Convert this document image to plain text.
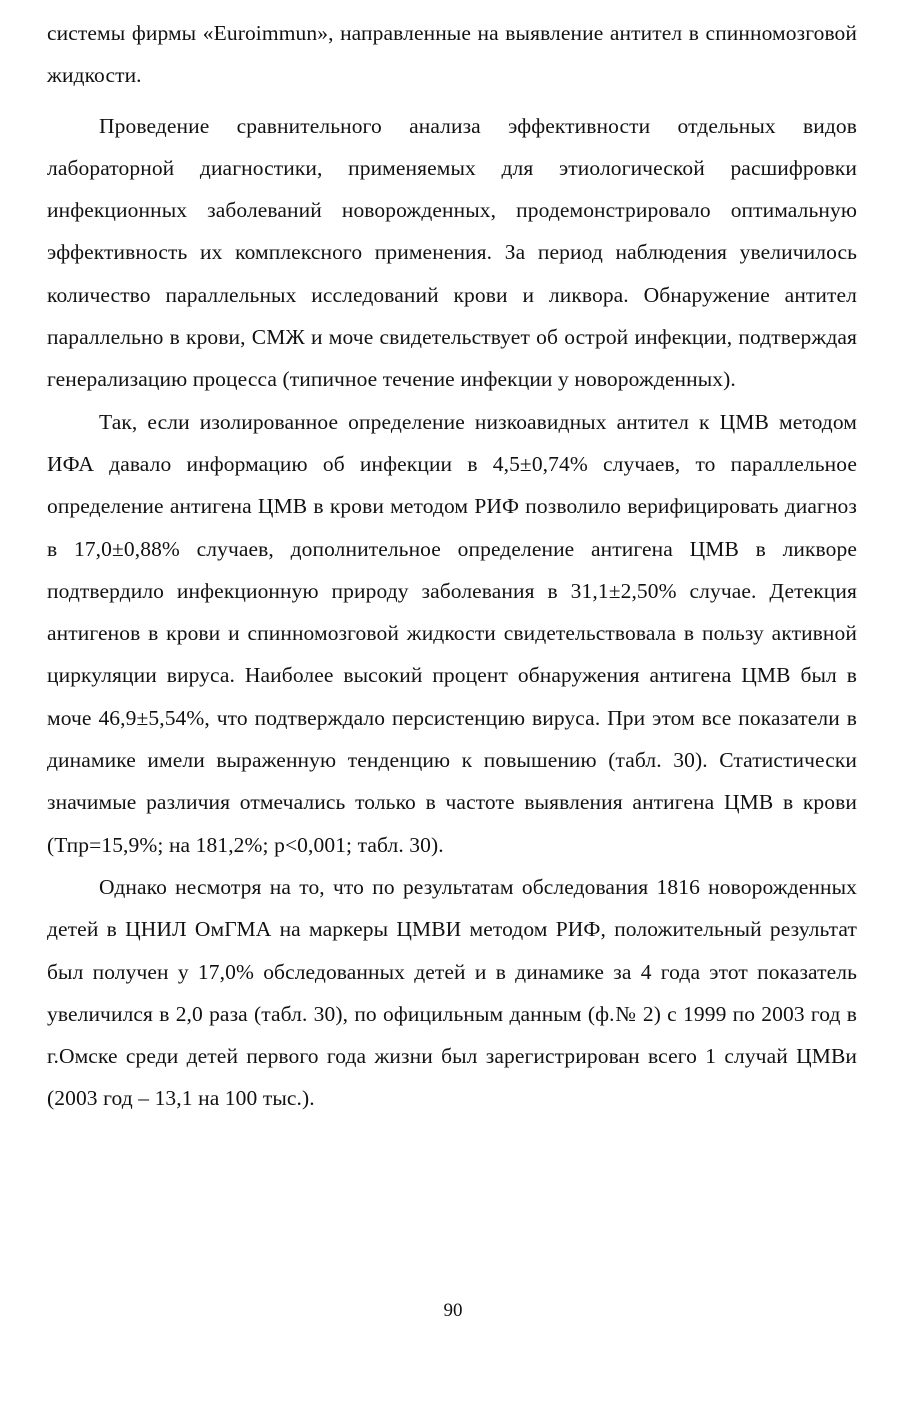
системы фирмы «Euroimmun», направленные на выявление антител в спинномозговой жидкости.

Проведение сравнительного анализа эффективности отдельных видов лабораторной диагностики, применяемых для этиологической расшифровки инфекционных заболеваний новорожденных, продемонстрировало оптимальную эффективность их комплексного применения. За период наблюдения увеличилось количество параллельных исследований крови и ликвора. Обнаружение антител параллельно в крови, СМЖ и моче свидетельствует об острой инфекции, подтверждая генерализацию процесса (типичное течение инфекции у новорожденных).

Так, если изолированное определение низкоавидных антител к ЦМВ методом ИФА давало информацию об инфекции в 4,5±0,74% случаев, то параллельное определение антигена ЦМВ в крови методом РИФ позволило верифицировать диагноз в 17,0±0,88% случаев, дополнительное определение антигена ЦМВ в ликворе подтвердило инфекционную природу заболевания в 31,1±2,50% случае. Детекция антигенов в крови и спинномозговой жидкости свидетельствовала в пользу активной циркуляции вируса. Наиболее высокий процент обнаружения антигена ЦМВ был в моче 46,9±5,54%, что подтверждало персистенцию вируса. При этом все показатели в динамике имели выраженную тенденцию к повышению (табл. 30). Статистически значимые различия отмечались только в частоте выявления антигена ЦМВ в крови (Тпр=15,9%; на 181,2%; р<0,001; табл. 30).

Однако несмотря на то, что по результатам обследования 1816 новорожденных детей в ЦНИЛ ОмГМА на маркеры ЦМВИ методом РИФ, положительный результат был получен у 17,0% обследованных детей и в динамике за 4 года этот показатель увеличился в 2,0 раза (табл. 30), по официльным данным (ф.№ 2) с 1999 по 2003 год в г.Омске среди детей первого года жизни был зарегистрирован всего 1 случай ЦМВи (2003 год – 13,1 на 100 тыс.).

90
